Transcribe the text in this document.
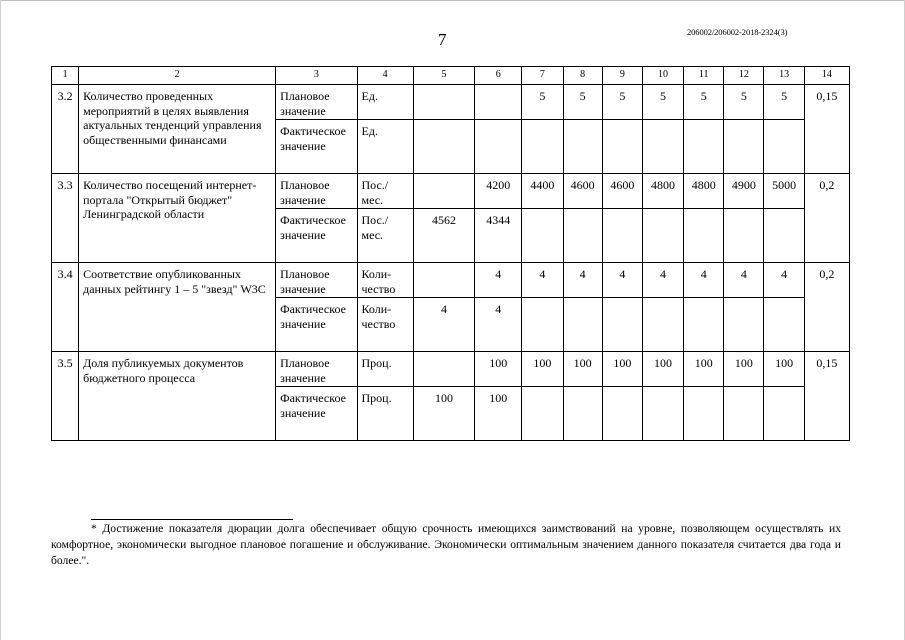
7	206002/206002-2018-2324(3)
1	2	3	4	5	6	7	8	9	10	11	12	13	14
3.2	Количество проведенных мероприятий в целях выявления актуальных тенденций управления общественными финансами	Плановое значение	Ед.			5	5	5	5	5	5	5	0,15
		Фактическое значение	Ед.										
3.3	Количество посещений интернет-портала "Открытый бюджет" Ленинградской области	Плановое значение	Пос./ мес.		4200	4400	4600	4600	4800	4800	4900	5000	0,2
		Фактическое значение	Пос./ мес.	4562	4344								
3.4	Соответствие опубликованных данных рейтингу 1 – 5 "звезд" W3C	Плановое значение	Коли- чество		4	4	4	4	4	4	4	4	0,2
		Фактическое значение	Коли- чество	4	4								
3.5	Доля публикуемых документов бюджетного процесса	Плановое значение	Проц.		100	100	100	100	100	100	100	100	0,15
		Фактическое значение	Проц.	100	100								
* Достижение показателя дюрации долга обеспечивает общую срочность имеющихся заимствований на уровне, позволяющем осуществлять их комфортное, экономически выгодное плановое погашение и обслуживание. Экономически оптимальным значением данного показателя считается два года и более.".
